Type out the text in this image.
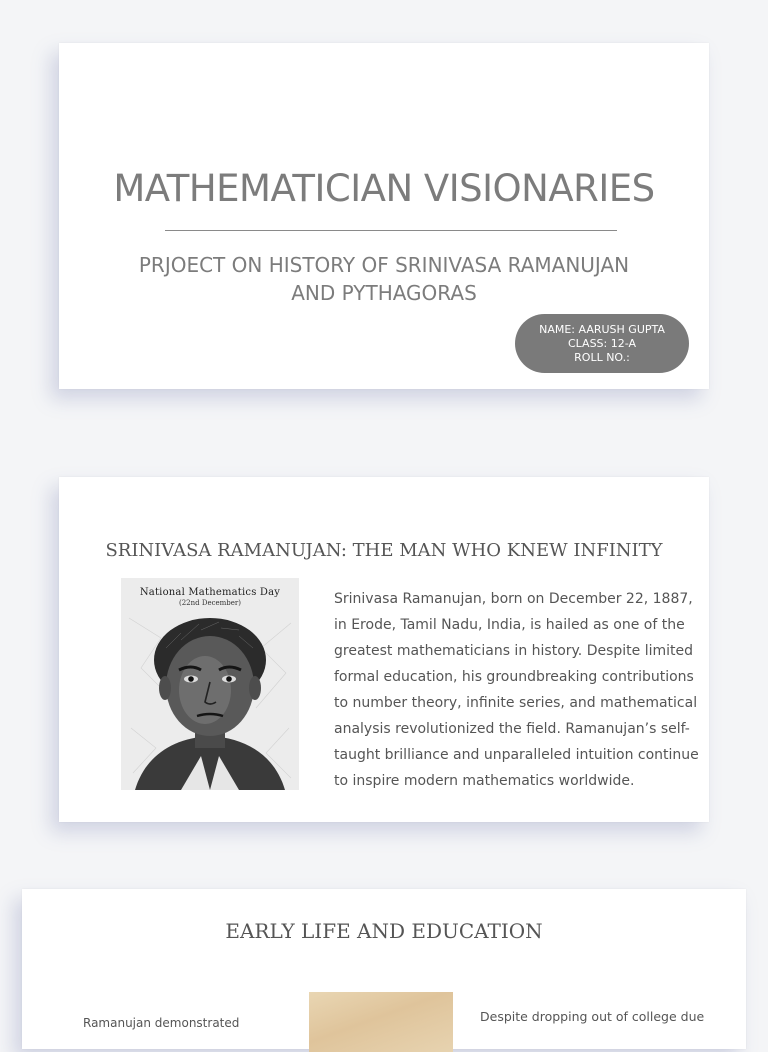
MATHEMATICIAN VISIONARIES
PRJOECT ON HISTORY OF SRINIVASA RAMANUJAN AND PYTHAGORAS
NAME: AARUSH GUPTA
CLASS: 12-A
ROLL NO.:
SRINIVASA RAMANUJAN: THE MAN WHO KNEW INFINITY
National Mathematics Day
(22nd December)	Srinivasa Ramanujan, born on December 22, 1887, in Erode, Tamil Nadu, India, is hailed as one of the greatest mathematicians in history. Despite limited formal education, his groundbreaking contributions to number theory, infinite series, and mathematical analysis revolutionized the field. Ramanujan’s self-taught brilliance and unparalleled intuition continue to inspire modern mathematics worldwide.
EARLY LIFE AND EDUCATION
Ramanujan demonstrated	Despite dropping out of college due
